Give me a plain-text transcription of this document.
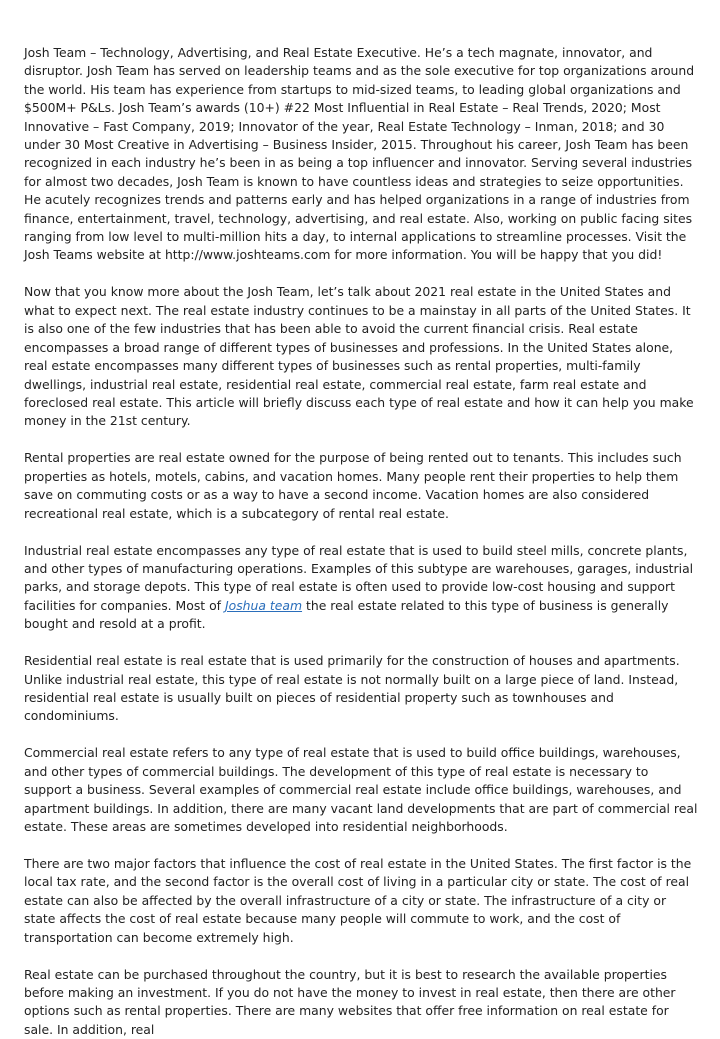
Josh Team – Technology, Advertising, and Real Estate Executive. He’s a tech magnate, innovator, and disruptor. Josh Team has served on leadership teams and as the sole executive for top organizations around the world. His team has experience from startups to mid-sized teams, to leading global organizations and $500M+ P&Ls. Josh Team’s awards (10+) #22 Most Influential in Real Estate – Real Trends, 2020; Most Innovative – Fast Company, 2019; Innovator of the year, Real Estate Technology – Inman, 2018; and 30 under 30 Most Creative in Advertising – Business Insider, 2015. Throughout his career, Josh Team has been recognized in each industry he’s been in as being a top influencer and innovator. Serving several industries for almost two decades, Josh Team is known to have countless ideas and strategies to seize opportunities. He acutely recognizes trends and patterns early and has helped organizations in a range of industries from finance, entertainment, travel, technology, advertising, and real estate. Also, working on public facing sites ranging from low level to multi-million hits a day, to internal applications to streamline processes. Visit the Josh Teams website at http://www.joshteams.com for more information. You will be happy that you did!

Now that you know more about the Josh Team, let’s talk about 2021 real estate in the United States and what to expect next. The real estate industry continues to be a mainstay in all parts of the United States. It is also one of the few industries that has been able to avoid the current financial crisis. Real estate encompasses a broad range of different types of businesses and professions. In the United States alone, real estate encompasses many different types of businesses such as rental properties, multi-family dwellings, industrial real estate, residential real estate, commercial real estate, farm real estate and foreclosed real estate. This article will briefly discuss each type of real estate and how it can help you make money in the 21st century.

Rental properties are real estate owned for the purpose of being rented out to tenants. This includes such properties as hotels, motels, cabins, and vacation homes. Many people rent their properties to help them save on commuting costs or as a way to have a second income. Vacation homes are also considered recreational real estate, which is a subcategory of rental real estate.

Industrial real estate encompasses any type of real estate that is used to build steel mills, concrete plants, and other types of manufacturing operations. Examples of this subtype are warehouses, garages, industrial parks, and storage depots. This type of real estate is often used to provide low-cost housing and support facilities for companies. Most of Joshua team the real estate related to this type of business is generally bought and resold at a profit.

Residential real estate is real estate that is used primarily for the construction of houses and apartments. Unlike industrial real estate, this type of real estate is not normally built on a large piece of land. Instead, residential real estate is usually built on pieces of residential property such as townhouses and condominiums.

Commercial real estate refers to any type of real estate that is used to build office buildings, warehouses, and other types of commercial buildings. The development of this type of real estate is necessary to support a business. Several examples of commercial real estate include office buildings, warehouses, and apartment buildings. In addition, there are many vacant land developments that are part of commercial real estate. These areas are sometimes developed into residential neighborhoods.

There are two major factors that influence the cost of real estate in the United States. The first factor is the local tax rate, and the second factor is the overall cost of living in a particular city or state. The cost of real estate can also be affected by the overall infrastructure of a city or state. The infrastructure of a city or state affects the cost of real estate because many people will commute to work, and the cost of transportation can become extremely high.

Real estate can be purchased throughout the country, but it is best to research the available properties before making an investment. If you do not have the money to invest in real estate, then there are other options such as rental properties. There are many websites that offer free information on real estate for sale. In addition, real
